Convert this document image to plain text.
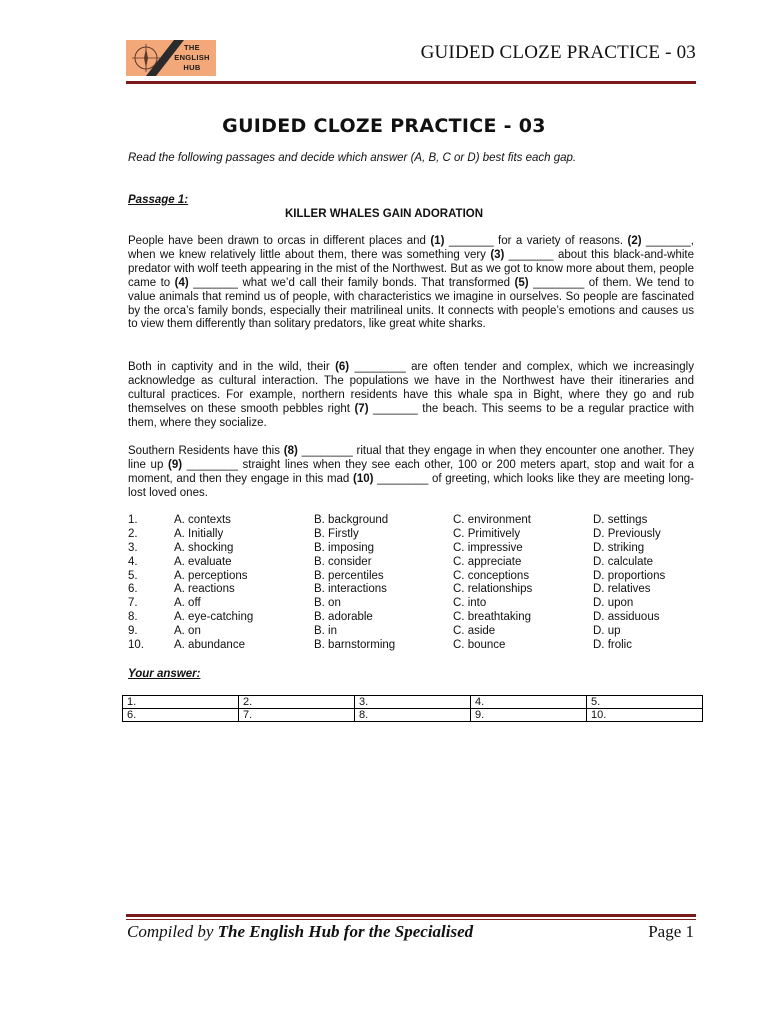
THE ENGLISH HUB
GUIDED CLOZE PRACTICE - 03
GUIDED CLOZE PRACTICE - 03
Read the following passages and decide which answer (A, B, C or D) best fits each gap.
Passage 1:
KILLER WHALES GAIN ADORATION

People have been drawn to orcas in different places and (1) _______ for a variety of reasons. (2) _______, when we knew relatively little about them, there was something very (3) _______ about this black-and-white predator with wolf teeth appearing in the mist of the Northwest. But as we got to know more about them, people came to (4) _______ what we’d call their family bonds. That transformed (5) ________ of them. We tend to value animals that remind us of people, with characteristics we imagine in ourselves. So people are fascinated by the orca’s family bonds, especially their matrilineal units. It connects with people’s emotions and causes us to view them differently than solitary predators, like great white sharks.

Both in captivity and in the wild, their (6) ________ are often tender and complex, which we increasingly acknowledge as cultural interaction. The populations we have in the Northwest have their itineraries and cultural practices. For example, northern residents have this whale spa in Bight, where they go and rub themselves on these smooth pebbles right (7) _______ the beach. This seems to be a regular practice with them, where they socialize.

Southern Residents have this (8) ________ ritual that they engage in when they encounter one another. They line up (9) ________ straight lines when they see each other, 100 or 200 meters apart, stop and wait for a moment, and then they engage in this mad (10) ________ of greeting, which looks like they are meeting long-lost loved ones.

1.	A. contexts	B. background	C. environment	D. settings
2.	A. Initially	B. Firstly	C. Primitively	D. Previously
3.	A. shocking	B. imposing	C. impressive	D. striking
4.	A. evaluate	B. consider	C. appreciate	D. calculate
5.	A. perceptions	B. percentiles	C. conceptions	D. proportions
6.	A. reactions	B. interactions	C. relationships	D. relatives
7.	A. off	B. on	C. into	D. upon
8.	A. eye-catching	B. adorable	C. breathtaking	D. assiduous
9.	A. on	B. in	C. aside	D. up
10.	A. abundance	B. barnstorming	C. bounce	D. frolic
Your answer:
1.	2.	3.	4.	5.
6.	7.	8.	9.	10.
Compiled by The English Hub for the Specialised	Page 1
